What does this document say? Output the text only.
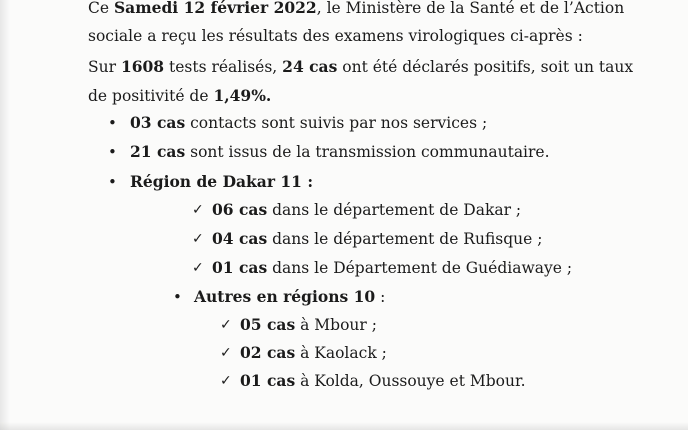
Ce Samedi 12 février 2022, le Ministère de la Santé et de l’Action
sociale a reçu les résultats des examens virologiques ci-après :
Sur 1608 tests réalisés, 24 cas ont été déclarés positifs, soit un taux
de positivité de 1,49%.
• 03 cas contacts sont suivis par nos services ;
• 21 cas sont issus de la transmission communautaire.
• Région de Dakar 11 :
✓ 06 cas dans le département de Dakar ;
✓ 04 cas dans le département de Rufisque ;
✓ 01 cas dans le Département de Guédiawaye ;
• Autres en régions 10 :
✓ 05 cas à Mbour ;
✓ 02 cas à Kaolack ;
✓ 01 cas à Kolda, Oussouye et Mbour.
